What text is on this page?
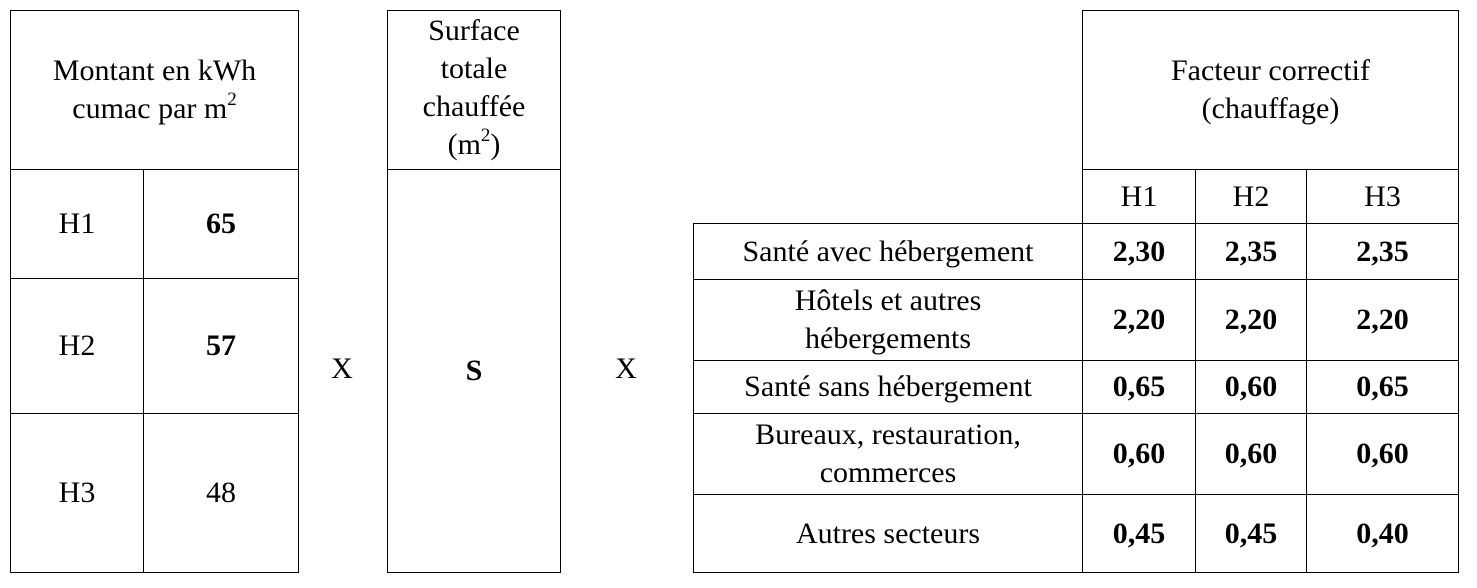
Montant en kWh
cumac par $m^2$
H1	65
H2	57
H3	48
X
Surface
totale
chauffée
$(m^2)$
S	X
Facteur correctif
(chauffage)
H1	H2	H3
Santé avec hébergement	2,30	2,35	2,35
Hôtels et autres
hébergements
2,20	2,20	2,20
Santé sans hébergement	0,65	0,60	0,65
Bureaux, restauration,
commerces
0,60	0,60	0,60
Autres secteurs	0,45	0,45	0,40
